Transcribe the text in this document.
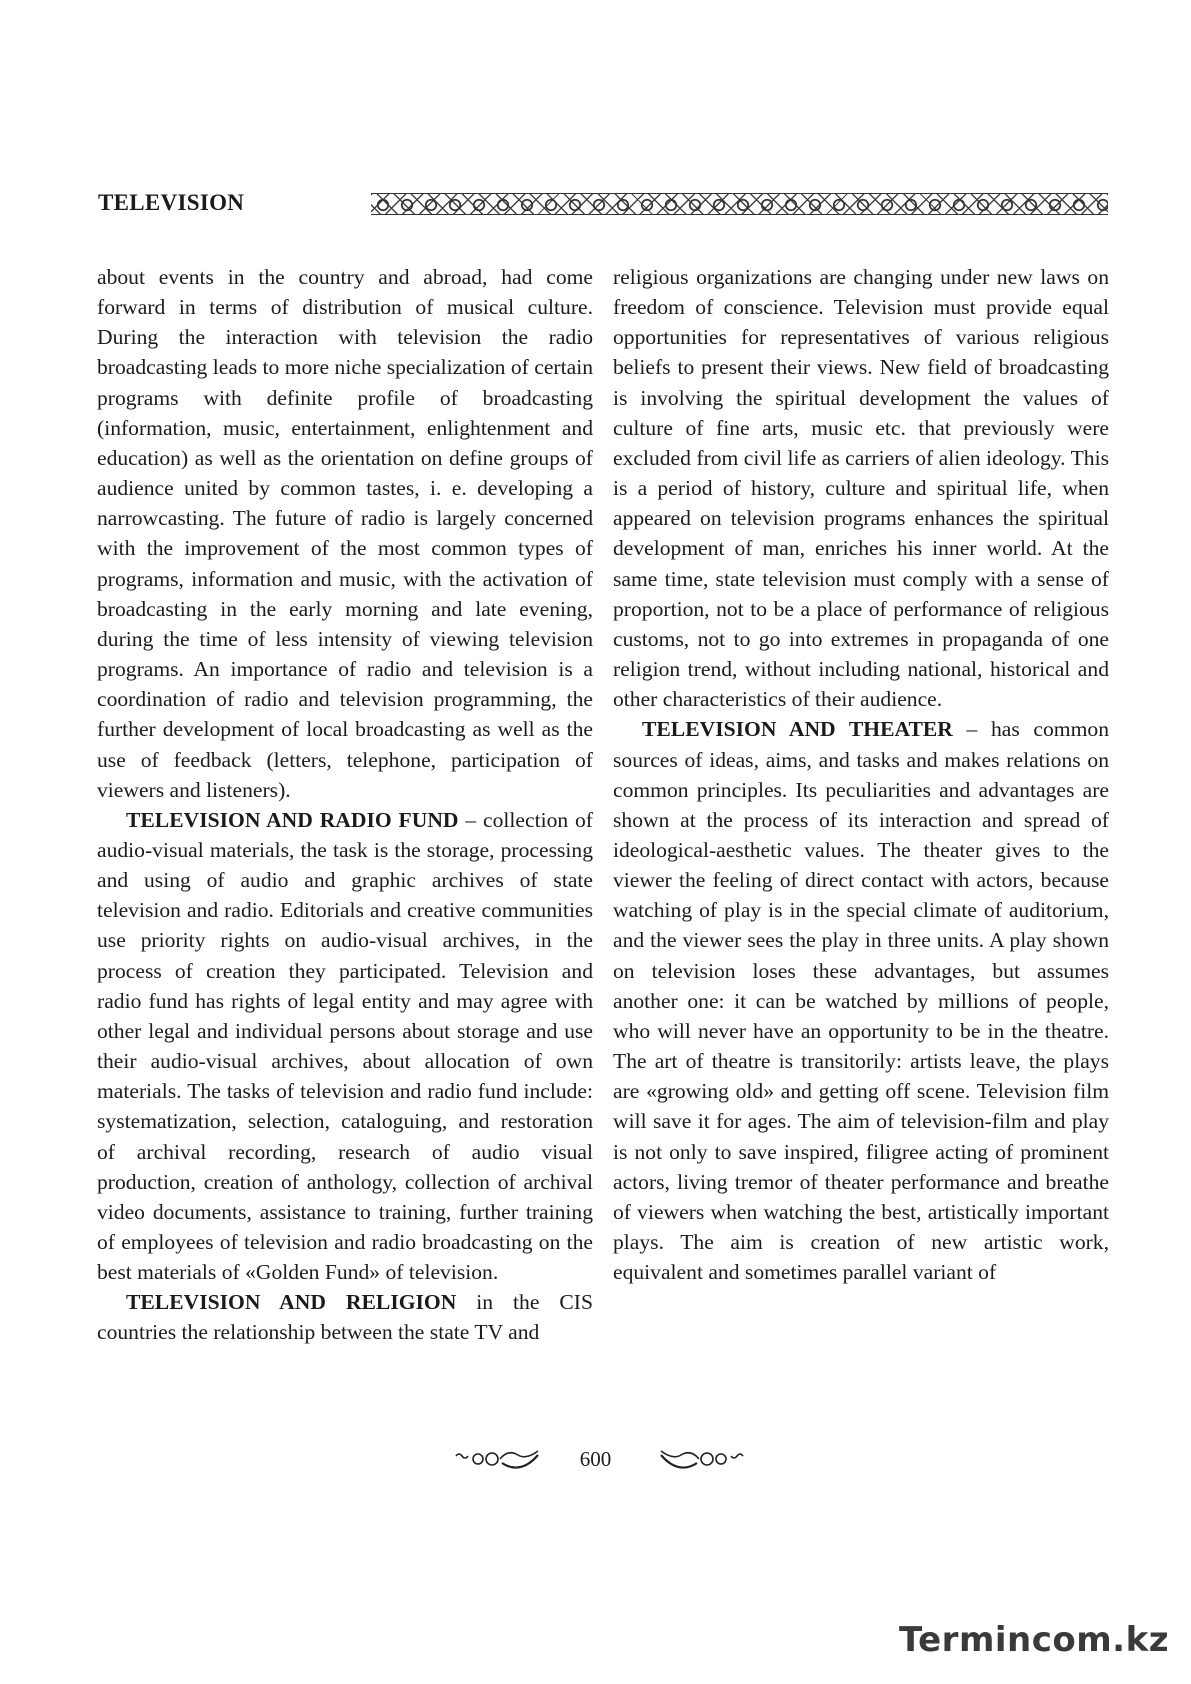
TELEVISION

about events in the country and abroad, had come forward in terms of distribution of musical culture. During the interaction with television the radio broadcasting leads to more niche specialization of certain programs with definite profile of broadcasting (information, music, entertainment, enlightenment and education) as well as the orientation on define groups of audience united by common tastes, i. e. developing a narrowcasting. The future of radio is largely concerned with the improvement of the most common types of programs, information and music, with the activation of broadcasting in the early morning and late evening, during the time of less intensity of viewing television programs. An importance of radio and television is a coordination of radio and television programming, the further development of local broadcasting as well as the use of feedback (letters, telephone, participation of viewers and listeners).

TELEVISION AND RADIO FUND – collection of audio-visual materials, the task is the storage, processing and using of audio and graphic archives of state television and radio. Editorials and creative communities use priority rights on audio-visual archives, in the process of creation they participated. Television and radio fund has rights of legal entity and may agree with other legal and individual persons about storage and use their audio-visual archives, about allocation of own materials. The tasks of television and radio fund include: systematization, selection, cataloguing, and restoration of archival recording, research of audio visual production, creation of anthology, collection of archival video documents, assistance to training, further training of employees of television and radio broadcasting on the best materials of «Golden Fund» of television.

TELEVISION AND RELIGION in the CIS countries the relationship between the state TV and

religious organizations are changing under new laws on freedom of conscience. Television must provide equal opportunities for representatives of various religious beliefs to present their views. New field of broadcasting is involving the spiritual development the values of culture of fine arts, music etc. that previously were excluded from civil life as carriers of alien ideology. This is a period of history, culture and spiritual life, when appeared on television programs enhances the spiritual development of man, enriches his inner world. At the same time, state television must comply with a sense of proportion, not to be a place of performance of religious customs, not to go into extremes in propaganda of one religion trend, without including national, historical and other characteristics of their audience.

TELEVISION AND THEATER – has common sources of ideas, aims, and tasks and makes relations on common principles. Its peculiarities and advantages are shown at the process of its interaction and spread of ideological-aesthetic values. The theater gives to the viewer the feeling of direct contact with actors, because watching of play is in the special climate of auditorium, and the viewer sees the play in three units. A play shown on television loses these advantages, but assumes another one: it can be watched by millions of people, who will never have an opportunity to be in the theatre. The art of theatre is transitorily: artists leave, the plays are «growing old» and getting off scene. Television film will save it for ages. The aim of television-film and play is not only to save inspired, filigree acting of prominent actors, living tremor of theater performance and breathe of viewers when watching the best, artistically important plays. The aim is creation of new artistic work, equivalent and sometimes parallel variant of

600
Termincom.kz
